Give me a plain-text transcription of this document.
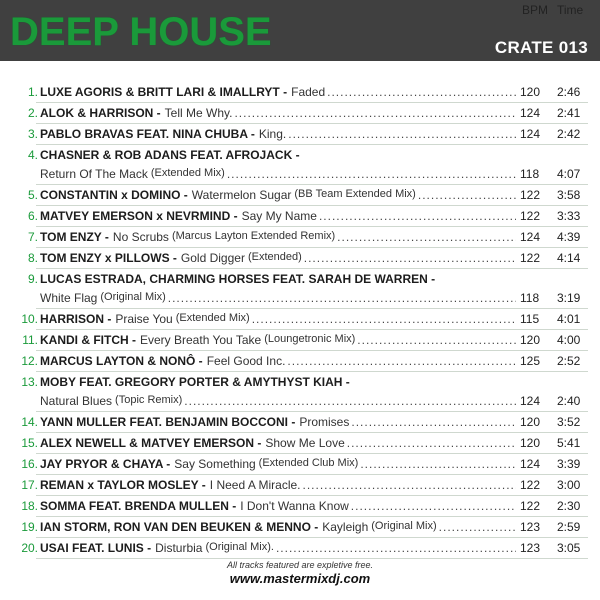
DEEP HOUSE	CRATE 013
BPM Time
1. LUXE AGORIS & BRITT LARI & IMALLRYT - Faded .....	120 2:46
2. ALOK & HARRISON - Tell Me Why. .....	124 2:41
3. PABLO BRAVAS FEAT. NINA CHUBA - King. .....	124 2:42
4. CHASNER & ROB ADANS FEAT. AFROJACK -
Return Of The Mack (Extended Mix) .....	118 4:07
5. CONSTANTIN x DOMINO - Watermelon Sugar (BB Team Extended Mix) .....	122 3:58
6. MATVEY EMERSON x NEVRMIND - Say My Name .....	122 3:33
7. TOM ENZY - No Scrubs (Marcus Layton Extended Remix) .....	124 4:39
8. TOM ENZY x PILLOWS - Gold Digger (Extended) .....	122 4:14
9. LUCAS ESTRADA, CHARMING HORSES FEAT. SARAH DE WARREN -
White Flag (Original Mix) .....	118 3:19
10. HARRISON - Praise You (Extended Mix) .....	115 4:01
11. KANDI & FITCH - Every Breath You Take (Loungetronic Mix) .....	120 4:00
12. MARCUS LAYTON & NONÔ - Feel Good Inc. .....	125 2:52
13. MOBY FEAT. GREGORY PORTER & AMYTHYST KIAH -
Natural Blues (Topic Remix) .....	124 2:40
14. YANN MULLER FEAT. BENJAMIN BOCCONI - Promises .....	120 3:52
15. ALEX NEWELL & MATVEY EMERSON - Show Me Love .....	120 5:41
16. JAY PRYOR & CHAYA - Say Something (Extended Club Mix) .....	124 3:39
17. REMAN x TAYLOR MOSLEY - I Need A Miracle. .....	122 3:00
18. SOMMA FEAT. BRENDA MULLEN - I Don't Wanna Know .....	122 2:30
19. IAN STORM, RON VAN DEN BEUKEN & MENNO - Kayleigh (Original Mix) .....	123 2:59
20. USAI FEAT. LUNIS - Disturbia (Original Mix). .....	123 3:05
All tracks featured are expletive free.
www.mastermixdj.com
